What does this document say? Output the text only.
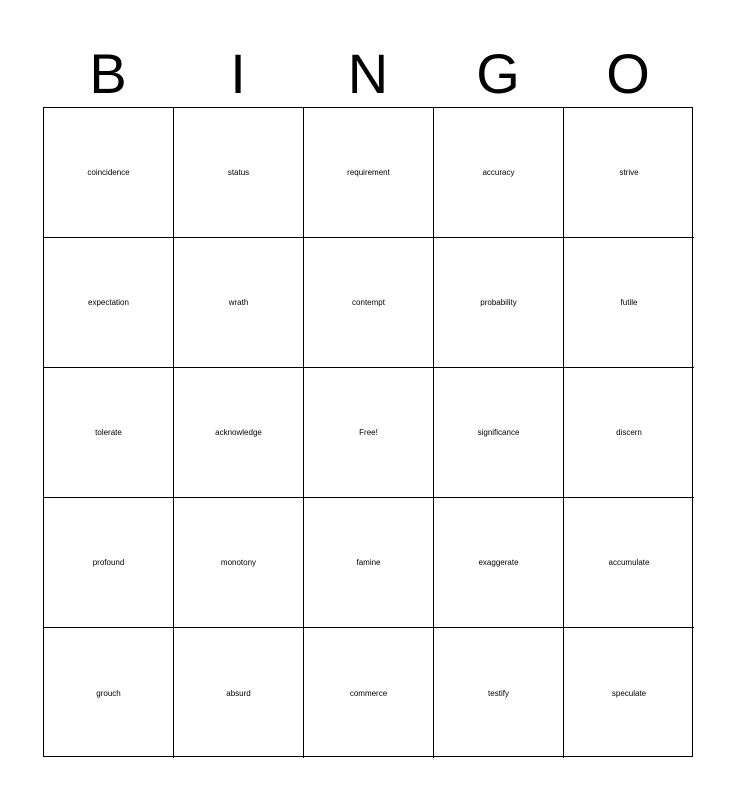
B	I	N	G	O
coincidence	status	requirement	accuracy	strive
expectation	wrath	contempt	probability	futile
tolerate	acknowledge	Free!	significance	discern
profound	monotony	famine	exaggerate	accumulate
grouch	absurd	commerce	testify	speculate
